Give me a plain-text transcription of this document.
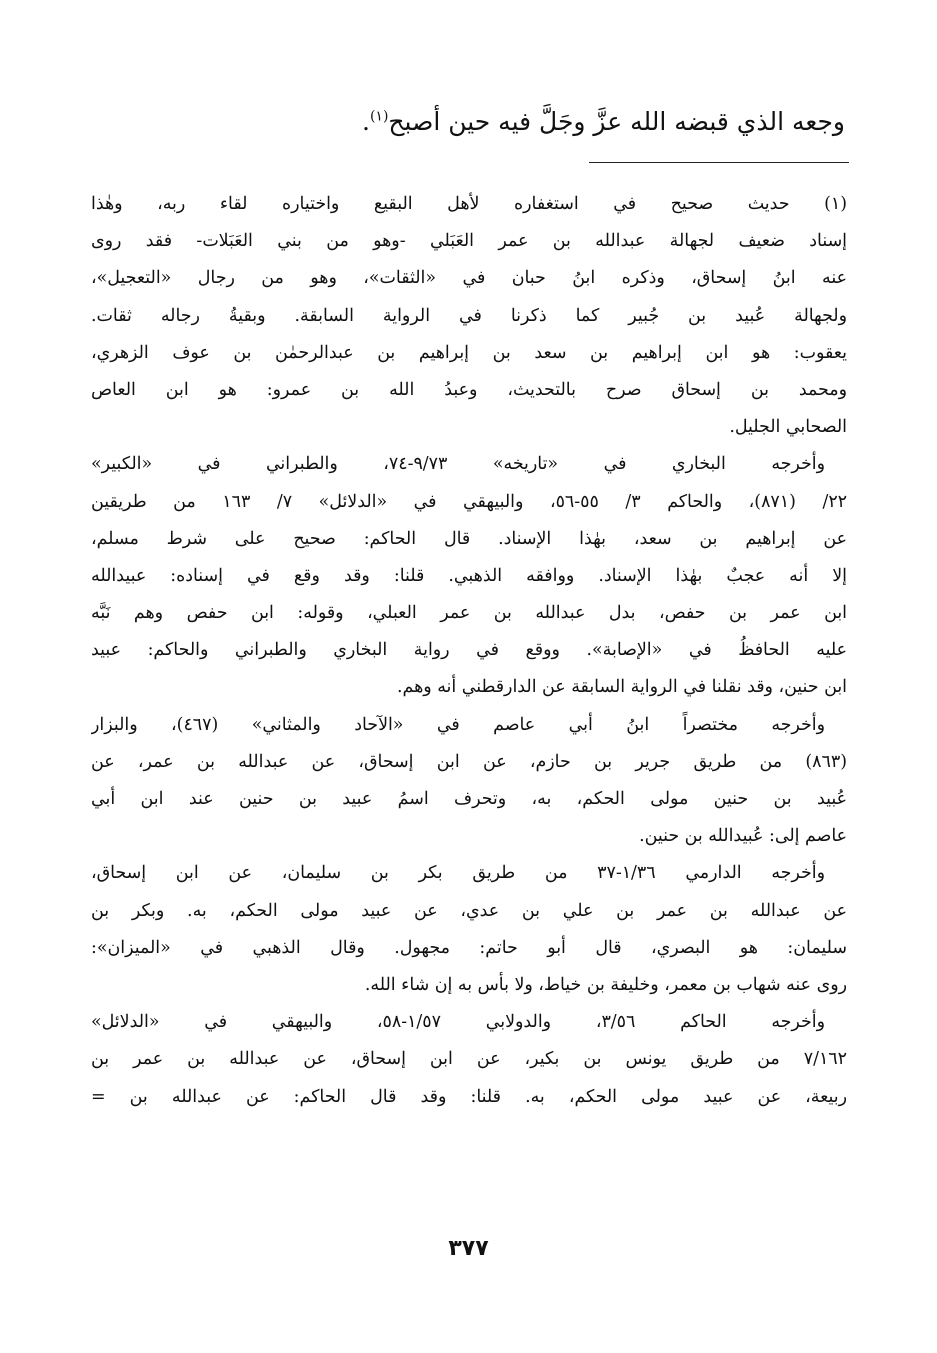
وجعه الذي قبضه الله عزَّ وجَلَّ فيه حين أصبح$^{(١)}$.
(١) حديث صحيح في استغفاره لأهل البقيع واختياره لقاء ربه، وهٰذا
إسناد ضعيف لجهالة عبدالله بن عمر العَبَلي -وهو من بني العَبَلات- فقد روى
عنه ابنُ إسحاق، وذكره ابنُ حبان في «الثقات»، وهو من رجال «التعجيل»،
ولجهالة عُبيد بن جُبير كما ذكرنا في الرواية السابقة. وبقيةُ رجاله ثقات.
يعقوب: هو ابن إبراهيم بن سعد بن إبراهيم بن عبدالرحمٰن بن عوف الزهري،
ومحمد بن إسحاق صرح بالتحديث، وعبدُ الله بن عمرو: هو ابن العاص
الصحابي الجليل.
وأخرجه البخاري في «تاريخه» ٩/٧٣-٧٤، والطبراني في «الكبير»
٢٢/ (٨٧١)، والحاكم ٣/ ٥٥-٥٦، والبيهقي في «الدلائل» ٧/ ١٦٣ من طريقين
عن إبراهيم بن سعد، بهٰذا الإسناد. قال الحاكم: صحيح على شرط مسلم،
إلا أنه عجبٌ بهٰذا الإسناد. ووافقه الذهبي. قلنا: وقد وقع في إسناده: عبيدالله
ابن عمر بن حفص، بدل عبدالله بن عمر العبلي، وقوله: ابن حفص وهم نَبَّه
عليه الحافظُ في «الإصابة». ووقع في رواية البخاري والطبراني والحاكم: عبيد
ابن حنين، وقد نقلنا في الرواية السابقة عن الدارقطني أنه وهم.
وأخرجه مختصراً ابنُ أبي عاصم في «الآحاد والمثاني» (٤٦٧)، والبزار
(٨٦٣) من طريق جرير بن حازم، عن ابن إسحاق، عن عبدالله بن عمر، عن
عُبيد بن حنين مولى الحكم، به، وتحرف اسمُ عبيد بن حنين عند ابن أبي
عاصم إلى: عُبيدالله بن حنين.
وأخرجه الدارمي ١/٣٦-٣٧ من طريق بكر بن سليمان، عن ابن إسحاق،
عن عبدالله بن عمر بن علي بن عدي، عن عبيد مولى الحكم، به. وبكر بن
سليمان: هو البصري، قال أبو حاتم: مجهول. وقال الذهبي في «الميزان»:
روى عنه شهاب بن معمر، وخليفة بن خياط، ولا بأس به إن شاء الله.
وأخرجه الحاكم ٣/٥٦، والدولابي ١/٥٧-٥٨، والبيهقي في «الدلائل»
٧/١٦٢ من طريق يونس بن بكير، عن ابن إسحاق، عن عبدالله بن عمر بن
ربيعة، عن عبيد مولى الحكم، به. قلنا: وقد قال الحاكم: عن عبدالله بن =
٣٧٧
